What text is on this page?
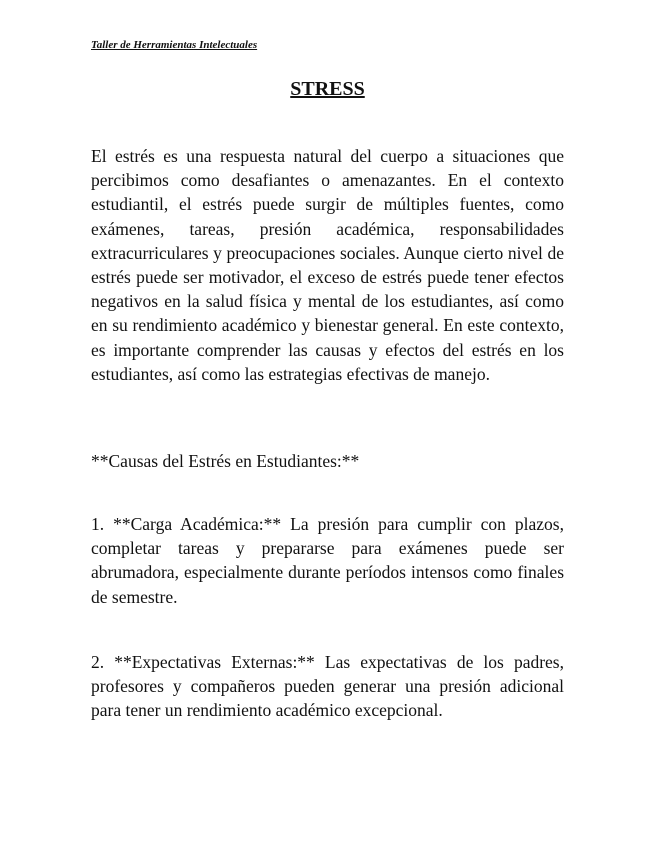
Taller de Herramientas Intelectuales
STRESS

El estrés es una respuesta natural del cuerpo a situaciones que percibimos como desafiantes o amenazantes. En el contexto estudiantil, el estrés puede surgir de múltiples fuentes, como exámenes, tareas, presión académica, responsabilidades extracurriculares y preocupaciones sociales. Aunque cierto nivel de estrés puede ser motivador, el exceso de estrés puede tener efectos negativos en la salud física y mental de los estudiantes, así como en su rendimiento académico y bienestar general. En este contexto, es importante comprender las causas y efectos del estrés en los estudiantes, así como las estrategias efectivas de manejo.

**Causas del Estrés en Estudiantes:**

1. **Carga Académica:** La presión para cumplir con plazos, completar tareas y prepararse para exámenes puede ser abrumadora, especialmente durante períodos intensos como finales de semestre.

2. **Expectativas Externas:** Las expectativas de los padres, profesores y compañeros pueden generar una presión adicional para tener un rendimiento académico excepcional.
